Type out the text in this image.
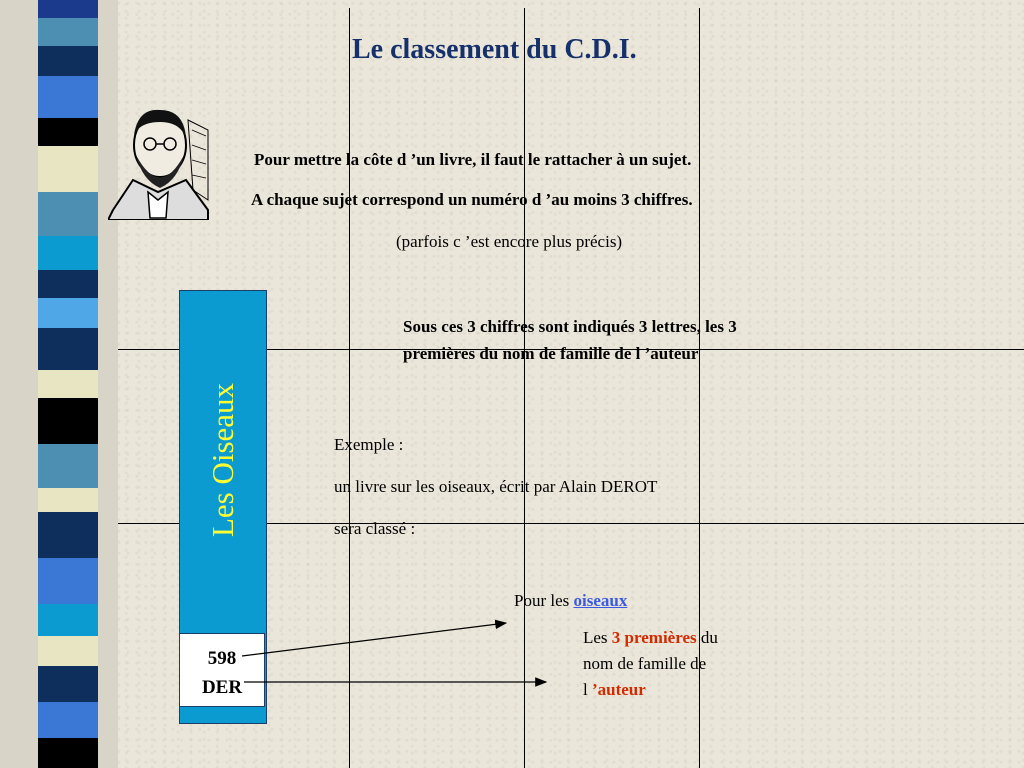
Le classement du C.D.I.
Pour mettre la côte d ’un livre, il faut le rattacher à un sujet.
A chaque sujet correspond un numéro d ’au moins 3 chiffres.
(parfois c ’est encore plus précis)
Sous ces 3 chiffres sont indiqués 3 lettres, les 3
premières du nom de famille de l ’auteur
Exemple :
un livre sur les oiseaux, écrit par Alain DEROT
sera classé :
Les Oiseaux
598
DER
Pour les oiseaux
Les 3 premières du
nom de famille de
l ’auteur
